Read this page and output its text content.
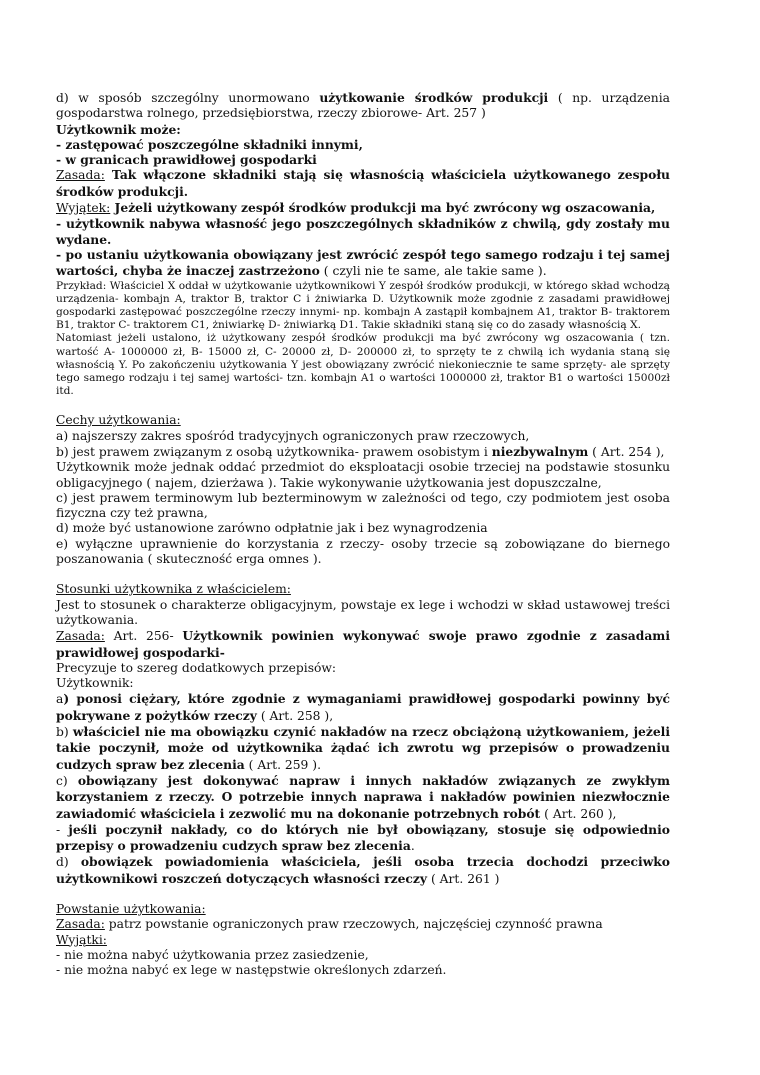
d) w sposób szczególny unormowano użytkowanie środków produkcji ( np. urządzenia gospodarstwa rolnego, przedsiębiorstwa, rzeczy zbiorowe- Art. 257 )

Użytkownik może:

- zastępować poszczególne składniki innymi,

- w granicach prawidłowej gospodarki

Zasada: Tak włączone składniki stają się własnością właściciela użytkowanego zespołu środków produkcji.

Wyjątek: Jeżeli użytkowany zespół środków produkcji ma być zwrócony wg oszacowania,

- użytkownik nabywa własność jego poszczególnych składników z chwilą, gdy zostały mu wydane.

- po ustaniu użytkowania obowiązany jest zwrócić zespół tego samego rodzaju i tej samej wartości, chyba że inaczej zastrzeżono ( czyli nie te same, ale takie same ).

Przykład: Właściciel X oddał w użytkowanie użytkownikowi Y zespół środków produkcji, w którego skład wchodzą urządzenia- kombajn A, traktor B, traktor C i żniwiarka D. Użytkownik może zgodnie z zasadami prawidłowej gospodarki zastępować poszczególne rzeczy innymi- np. kombajn A zastąpił kombajnem A1, traktor B- traktorem B1, traktor C- traktorem C1, żniwiarkę D- żniwiarką D1. Takie składniki staną się co do zasady własnością X.

Natomiast jeżeli ustalono, iż użytkowany zespół środków produkcji ma być zwrócony wg oszacowania ( tzn. wartość A- 1000000 zł, B- 15000 zł, C- 20000 zł, D- 200000 zł, to sprzęty te z chwilą ich wydania staną się własnością Y. Po zakończeniu użytkowania Y jest obowiązany zwrócić niekoniecznie te same sprzęty- ale sprzęty tego samego rodzaju i tej samej wartości- tzn. kombajn A1 o wartości 1000000 zł, traktor B1 o wartości 15000zł itd.

Cechy użytkowania:

a) najszerszy zakres spośród tradycyjnych ograniczonych praw rzeczowych,

b) jest prawem związanym z osobą użytkownika- prawem osobistym i niezbywalnym ( Art. 254 ),

Użytkownik może jednak oddać przedmiot do eksploatacji osobie trzeciej na podstawie stosunku obligacyjnego ( najem, dzierżawa ). Takie wykonywanie użytkowania jest dopuszczalne,

c) jest prawem terminowym lub bezterminowym w zależności od tego, czy podmiotem jest osoba fizyczna czy też prawna,

d) może być ustanowione zarówno odpłatnie jak i bez wynagrodzenia

e) wyłączne uprawnienie do korzystania z rzeczy- osoby trzecie są zobowiązane do biernego poszanowania ( skuteczność erga omnes ).

Stosunki użytkownika z właścicielem:

Jest to stosunek o charakterze obligacyjnym, powstaje ex lege i wchodzi w skład ustawowej treści użytkowania.

Zasada: Art. 256- Użytkownik powinien wykonywać swoje prawo zgodnie z zasadami prawidłowej gospodarki-

Precyzuje to szereg dodatkowych przepisów:

Użytkownik:

a) ponosi ciężary, które zgodnie z wymaganiami prawidłowej gospodarki powinny być pokrywane z pożytków rzeczy ( Art. 258 ),

b) właściciel nie ma obowiązku czynić nakładów na rzecz obciążoną użytkowaniem, jeżeli takie poczynił, może od użytkownika żądać ich zwrotu wg przepisów o prowadzeniu cudzych spraw bez zlecenia ( Art. 259 ).

c) obowiązany jest dokonywać napraw i innych nakładów związanych ze zwykłym korzystaniem z rzeczy. O potrzebie innych naprawa i nakładów powinien niezwłocznie zawiadomić właściciela i zezwolić mu na dokonanie potrzebnych robót ( Art. 260 ),

- jeśli poczynił nakłady, co do których nie był obowiązany, stosuje się odpowiednio przepisy o prowadzeniu cudzych spraw bez zlecenia.

d) obowiązek powiadomienia właściciela, jeśli osoba trzecia dochodzi przeciwko użytkownikowi roszczeń dotyczących własności rzeczy ( Art. 261 )

Powstanie użytkowania:

Zasada: patrz powstanie ograniczonych praw rzeczowych, najczęściej czynność prawna

Wyjątki:

- nie można nabyć użytkowania przez zasiedzenie,

- nie można nabyć ex lege w następstwie określonych zdarzeń.
